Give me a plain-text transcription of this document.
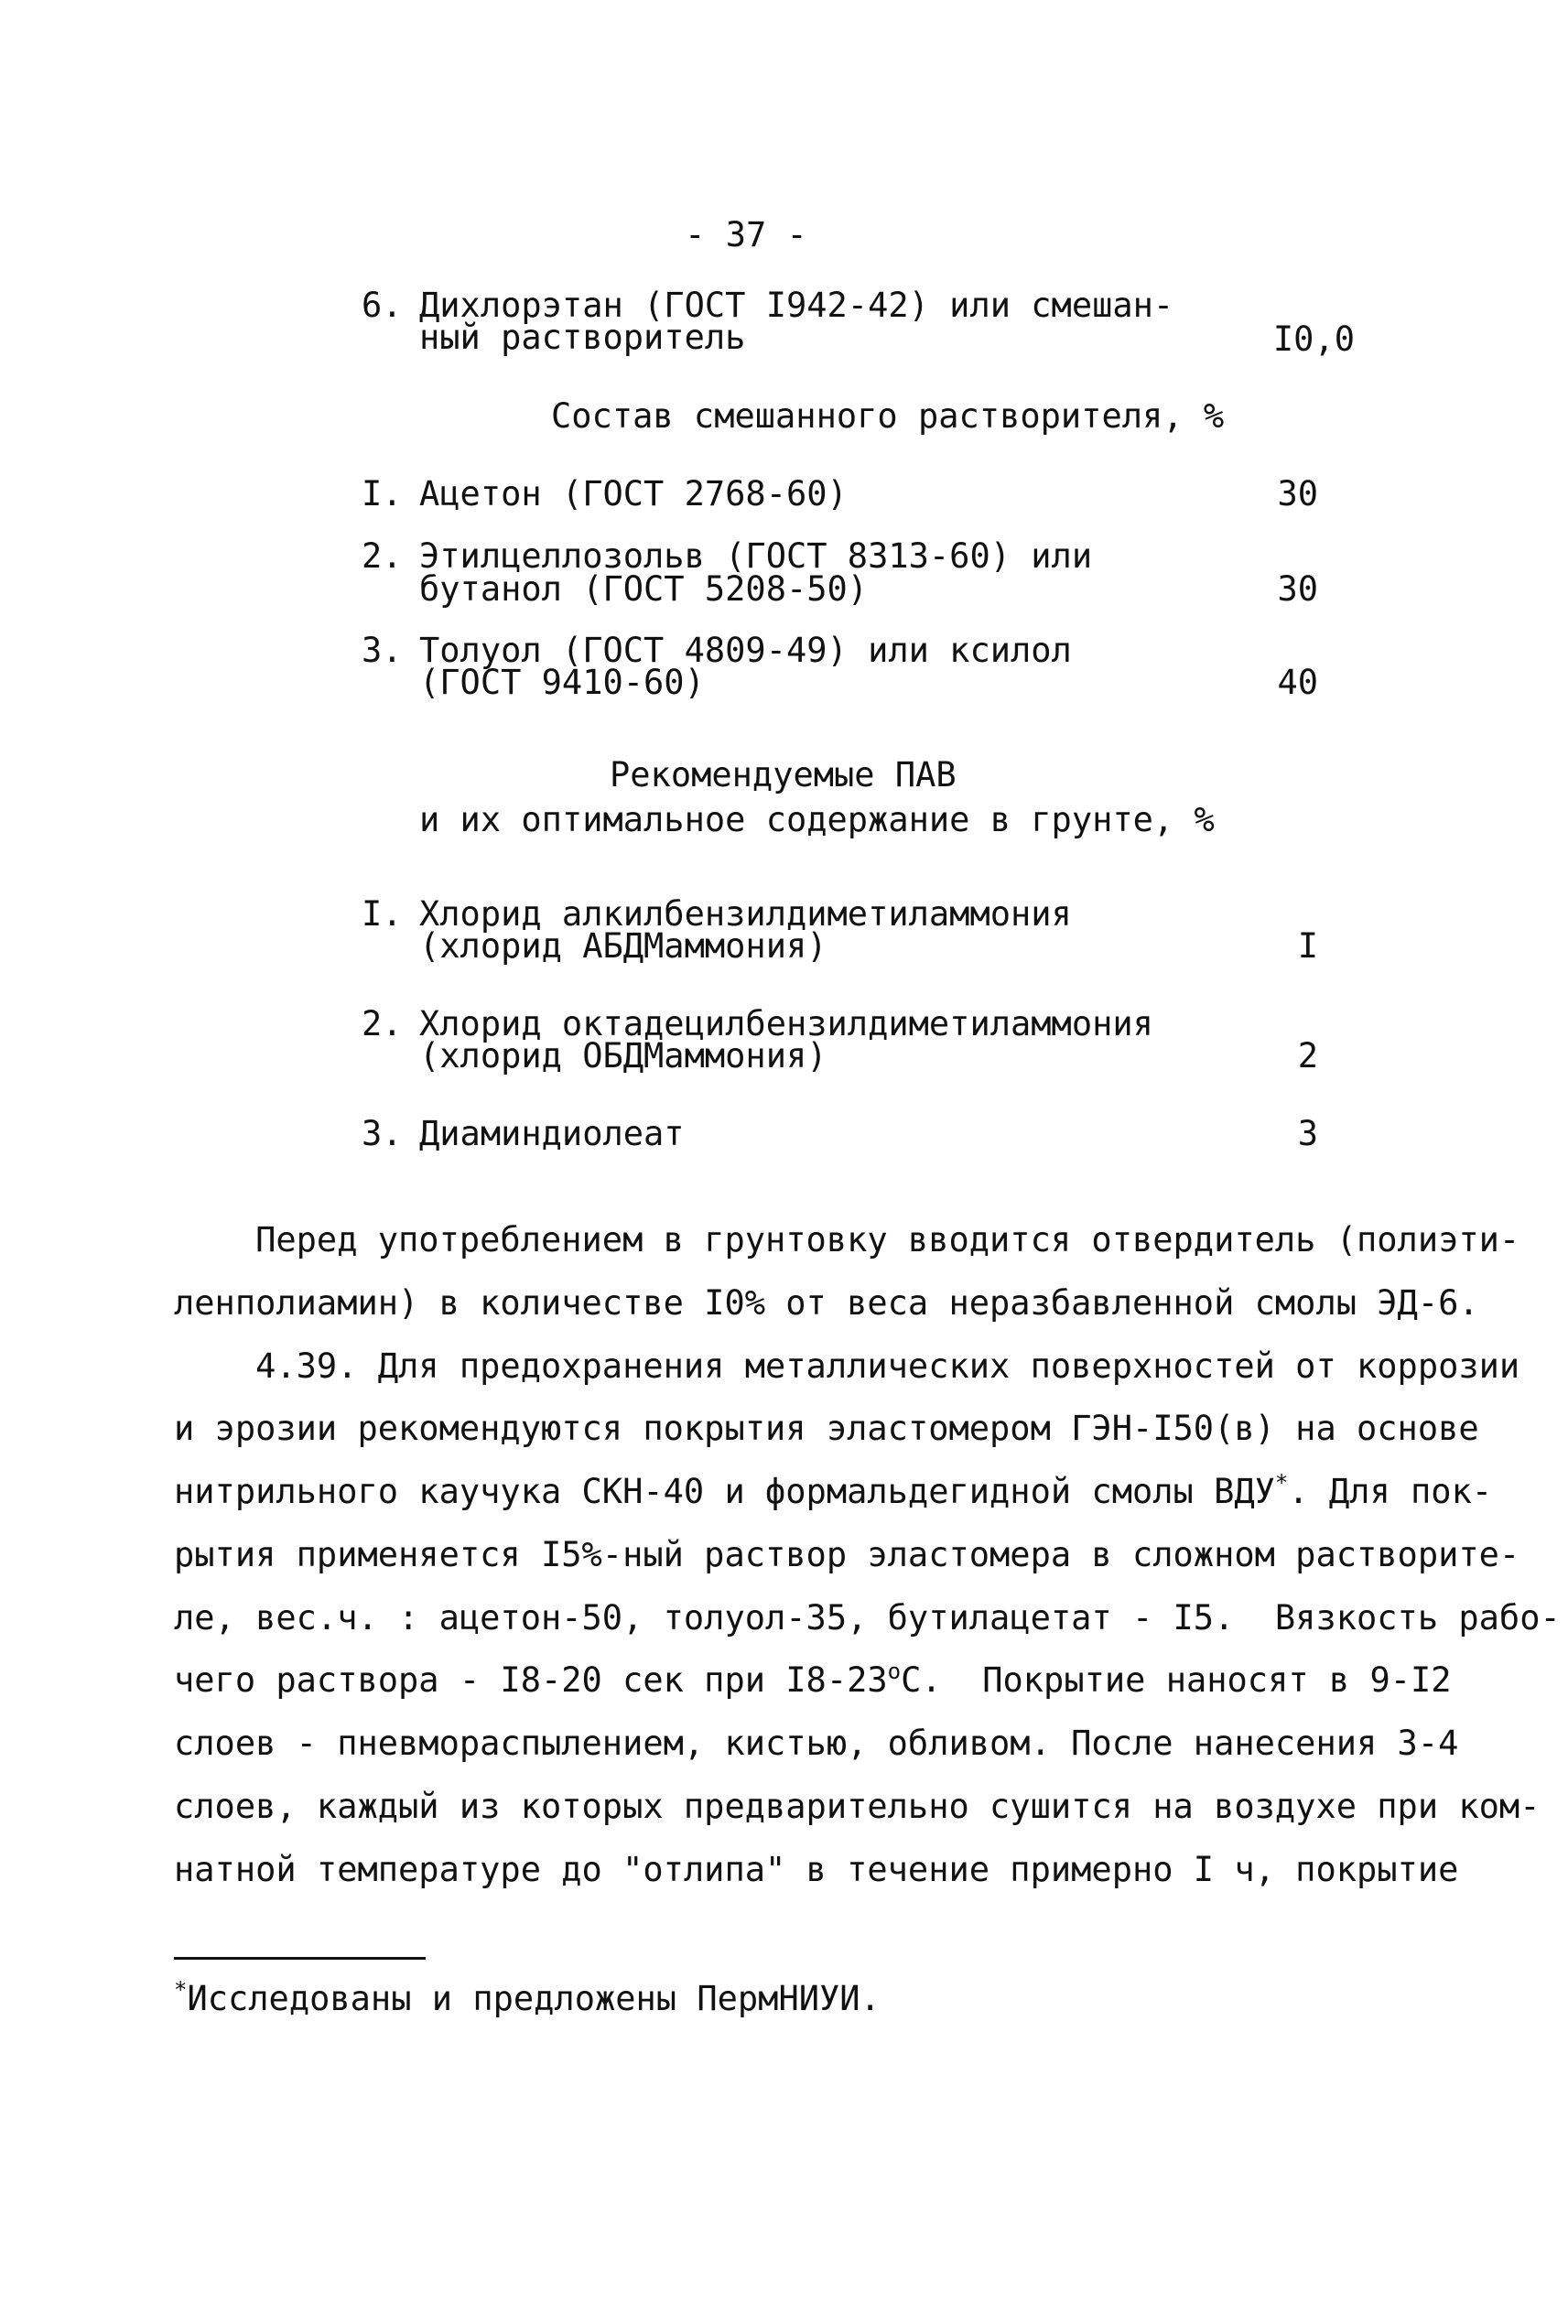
- 37 -
6. Дихлорэтан (ГОСТ I942-42) или смешан-
ный растворитель	I0,0
Состав смешанного растворителя, %
I. Ацетон (ГОСТ 2768-60)	30
2. Этилцеллозольв (ГОСТ 8313-60) или
бутанол (ГОСТ 5208-50)	30
3. Толуол (ГОСТ 4809-49) или ксилол
(ГОСТ 9410-60)	40
Рекомендуемые ПАВ
и их оптимальное содержание в грунте, %
I. Хлорид алкилбензилдиметиламмония
(хлорид АБДМаммония)	I
2. Хлорид октадецилбензилдиметиламмония
(хлорид ОБДМаммония)	2
3. Диаминдиолеат	3
Перед употреблением в грунтовку вводится отвердитель (полиэти-
ленполиамин) в количестве I0% от веса неразбавленной смолы ЭД-6.
4.39. Для предохранения металлических поверхностей от коррозии
и эрозии рекомендуются покрытия эластомером ГЭН-I50(в) на основе
нитрильного каучука СКН-40 и формальдегидной смолы ВДУ*. Для пок-
рытия применяется I5%-ный раствор эластомера в сложном растворите-
ле, вес.ч. : ацетон-50, толуол-35, бутилацетат - I5.  Вязкость рабо-
чего раствора - I8-20 сек при I8-23$^o$С.  Покрытие наносят в 9-I2
слоев - пневмораспылением, кистью, обливом. После нанесения 3-4
слоев, каждый из которых предварительно сушится на воздухе при ком-
натной температуре до "отлипа" в течение примерно I ч, покрытие
*Исследованы и предложены ПермНИУИ.
